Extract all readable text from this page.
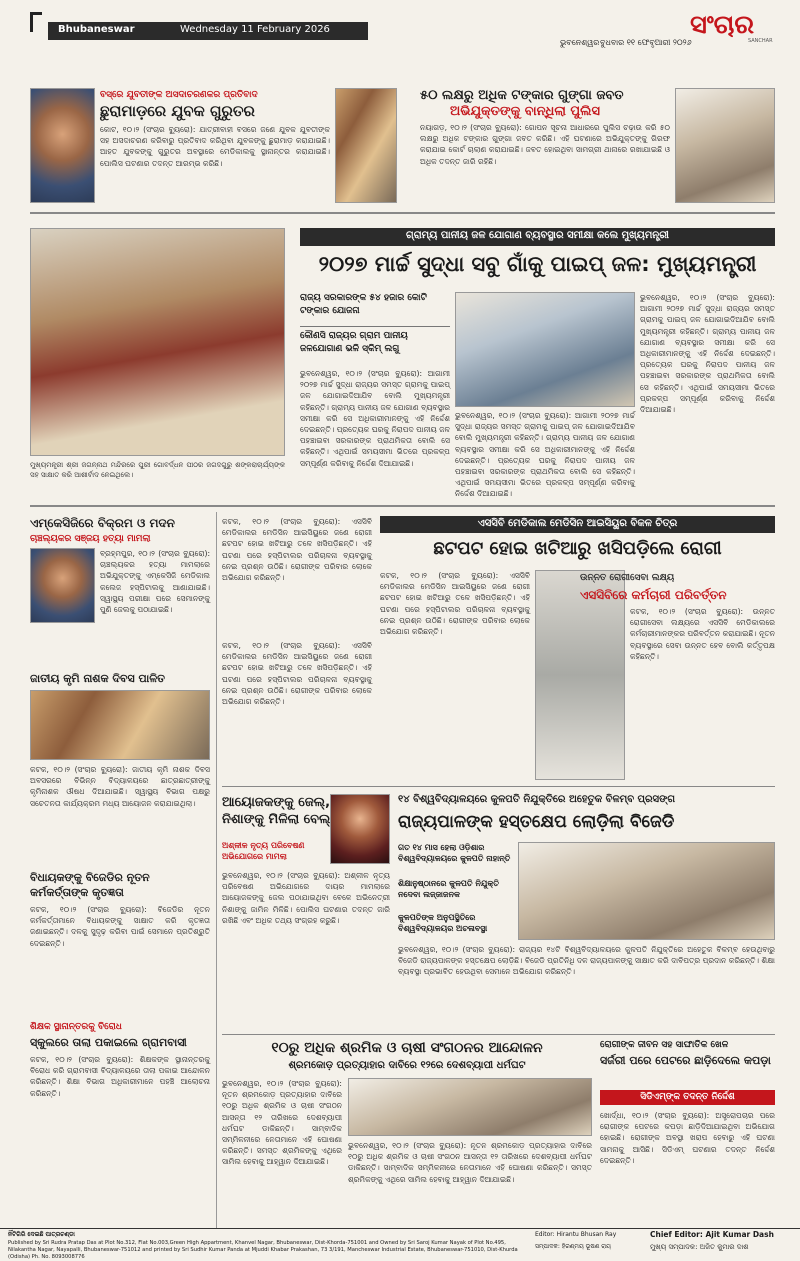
Bhubaneswar	Wednesday 11 February 2026
ଭୁବନେଶ୍ୱର ବୁଧବାର ୧୧ ଫେବୃଆରୀ ୨୦୨୬
ସଂଚାର
SANCHAR
ବସ୍‌ରେ ଯୁବତୀଙ୍କ ଅସଦାଚରଣକର ପ୍ରତିବାଦ
ଛୁରାମାଡ଼ରେ ଯୁବକ ଗୁରୁତର
କୋଟ, ୧୦।୨ (ସଂଚାର ବ୍ୟୁରୋ): ଯାତ୍ରୀବାହୀ ବସରେ ଜଣେ ଯୁବକ ଯୁବତୀଙ୍କ ସହ ଅସଦାଚରଣ କରିବାରୁ ପ୍ରତିବାଦ କରିଥିବା ଯୁବକଙ୍କୁ ଛୁରାମାଡ଼ କରାଯାଇଛି। ଆହତ ଯୁବକଙ୍କୁ ଗୁରୁତର ଅବସ୍ଥାରେ ମେଡିକାଲକୁ ସ୍ଥାନାନ୍ତର କରାଯାଇଛି। ପୋଲିସ ଘଟଣାର ତଦନ୍ତ ଆରମ୍ଭ କରିଛି।
୫୦ ଲକ୍ଷରୁ ଅଧିକ ଟଙ୍କାର ଗୁଙ୍ଗା ଜବତ
ଅଭିଯୁକ୍ତଙ୍କୁ ବାନ୍ଧିଲା ପୁଲିସ
ନୟାଗଡ଼, ୧୦।୨ (ସଂଚାର ବ୍ୟୁରୋ): ଗୋପନ ସୂଚନା ଆଧାରରେ ପୁଲିସ ଚଢ଼ାଉ କରି ୫୦ ଲକ୍ଷରୁ ଅଧିକ ଟଙ୍କାର ଗୁଙ୍ଗା ଜବତ କରିଛି। ଏହି ଘଟଣାରେ ଅଭିଯୁକ୍ତଙ୍କୁ ଗିରଫ କରାଯାଇ କୋର୍ଟ ଚାଲାଣ କରାଯାଇଛି। ଜବତ ହୋଇଥିବା ସାମଗ୍ରୀ ଥାନାରେ ରଖାଯାଇଛି ଓ ଅଧିକ ତଦନ୍ତ ଜାରି ରହିଛି।
ମୁଖ୍ୟମନ୍ତ୍ରୀ ଶ୍ରୀ ଜଗନ୍ନାଥ ମନ୍ଦିରରେ ପୁରୀ ଗୋବର୍ଦ୍ଧନ ପୀଠର ଜଗଦଗୁରୁ ଶଙ୍କରାଚାର୍ଯ୍ୟଙ୍କ ସହ ସାକ୍ଷାତ କରି ଆଶୀର୍ବାଦ ନେଇଥିଲେ।
ଗ୍ରାମ୍ୟ ପାନୀୟ ଜଳ ଯୋଗାଣ ବ୍ୟବସ୍ଥାର ସମୀକ୍ଷା କଲେ ମୁଖ୍ୟମନ୍ତ୍ରୀ
୨୦୨୭ ମାର୍ଚ୍ଚ ସୁଦ୍ଧା ସବୁ ଗାଁକୁ ପାଇପ୍ ଜଳ: ମୁଖ୍ୟମନ୍ତ୍ରୀ
ରାଜ୍ୟ ସରକାରଙ୍କ ୫୪ ହଜାର କୋଟି ଟଙ୍କାର ଯୋଜନା
କୌଣସି ରାଜ୍ୟର ଗ୍ରାମ ପାନୀୟ ଜଳଯୋଗାଣ ଭଳି ସ୍କିମ୍ ଲଗୁ
ଭୁବନେଶ୍ୱର, ୧୦।୨ (ସଂଚାର ବ୍ୟୁରୋ): ଆଗାମୀ ୨୦୨୭ ମାର୍ଚ୍ଚ ସୁଦ୍ଧା ରାଜ୍ୟର ସମସ୍ତ ଗ୍ରାମକୁ ପାଇପ୍ ଜଳ ଯୋଗାଇଦିଆଯିବ ବୋଲି ମୁଖ୍ୟମନ୍ତ୍ରୀ କହିଛନ୍ତି। ଗ୍ରାମ୍ୟ ପାନୀୟ ଜଳ ଯୋଗାଣ ବ୍ୟବସ୍ଥାର ସମୀକ୍ଷା କରି ସେ ଅଧିକାରୀମାନଙ୍କୁ ଏହି ନିର୍ଦ୍ଦେଶ ଦେଇଛନ୍ତି। ପ୍ରତ୍ୟେକ ଘରକୁ ନିରାପଦ ପାନୀୟ ଜଳ ପହଞ୍ଚାଇବା ସରକାରଙ୍କ ପ୍ରାଥମିକତା ବୋଲି ସେ କହିଛନ୍ତି। ଏଥିପାଇଁ ସମୟସୀମା ଭିତରେ ପ୍ରକଳ୍ପ ସମ୍ପୂର୍ଣ୍ଣ କରିବାକୁ ନିର୍ଦ୍ଦେଶ ଦିଆଯାଇଛି।
ଭୁବନେଶ୍ୱର, ୧୦।୨ (ସଂଚାର ବ୍ୟୁରୋ): ଆଗାମୀ ୨୦୨୭ ମାର୍ଚ୍ଚ ସୁଦ୍ଧା ରାଜ୍ୟର ସମସ୍ତ ଗ୍ରାମକୁ ପାଇପ୍ ଜଳ ଯୋଗାଇଦିଆଯିବ ବୋଲି ମୁଖ୍ୟମନ୍ତ୍ରୀ କହିଛନ୍ତି। ଗ୍ରାମ୍ୟ ପାନୀୟ ଜଳ ଯୋଗାଣ ବ୍ୟବସ୍ଥାର ସମୀକ୍ଷା କରି ସେ ଅଧିକାରୀମାନଙ୍କୁ ଏହି ନିର୍ଦ୍ଦେଶ ଦେଇଛନ୍ତି। ପ୍ରତ୍ୟେକ ଘରକୁ ନିରାପଦ ପାନୀୟ ଜଳ ପହଞ୍ଚାଇବା ସରକାରଙ୍କ ପ୍ରାଥମିକତା ବୋଲି ସେ କହିଛନ୍ତି। ଏଥିପାଇଁ ସମୟସୀମା ଭିତରେ ପ୍ରକଳ୍ପ ସମ୍ପୂର୍ଣ୍ଣ କରିବାକୁ ନିର୍ଦ୍ଦେଶ ଦିଆଯାଇଛି।
ଭୁବନେଶ୍ୱର, ୧୦।୨ (ସଂଚାର ବ୍ୟୁରୋ): ଆଗାମୀ ୨୦୨୭ ମାର୍ଚ୍ଚ ସୁଦ୍ଧା ରାଜ୍ୟର ସମସ୍ତ ଗ୍ରାମକୁ ପାଇପ୍ ଜଳ ଯୋଗାଇଦିଆଯିବ ବୋଲି ମୁଖ୍ୟମନ୍ତ୍ରୀ କହିଛନ୍ତି। ଗ୍ରାମ୍ୟ ପାନୀୟ ଜଳ ଯୋଗାଣ ବ୍ୟବସ୍ଥାର ସମୀକ୍ଷା କରି ସେ ଅଧିକାରୀମାନଙ୍କୁ ଏହି ନିର୍ଦ୍ଦେଶ ଦେଇଛନ୍ତି। ପ୍ରତ୍ୟେକ ଘରକୁ ନିରାପଦ ପାନୀୟ ଜଳ ପହଞ୍ଚାଇବା ସରକାରଙ୍କ ପ୍ରାଥମିକତା ବୋଲି ସେ କହିଛନ୍ତି। ଏଥିପାଇଁ ସମୟସୀମା ଭିତରେ ପ୍ରକଳ୍ପ ସମ୍ପୂର୍ଣ୍ଣ କରିବାକୁ ନିର୍ଦ୍ଦେଶ ଦିଆଯାଇଛି।
ଏମ୍‌କେସିଜିରେ ବିକ୍ରମ ଓ ମଦନ
ଚାଞ୍ଚଲ୍ୟକର ସଞ୍ଜୟ ହତ୍ୟା ମାମଲା
ବ୍ରହ୍ମପୁର, ୧୦।୨ (ସଂଚାର ବ୍ୟୁରୋ): ଚାଞ୍ଚଲ୍ୟକର ହତ୍ୟା ମାମଲାରେ ଅଭିଯୁକ୍ତଙ୍କୁ ଏମ୍‌କେସିଜି ମେଡିକାଲ କଲେଜ ହସ୍ପିଟାଲକୁ ଆଣାଯାଇଛି। ସ୍ୱାସ୍ଥ୍ୟ ପରୀକ୍ଷା ପରେ ସେମାନଙ୍କୁ ପୁଣି ଜେଲକୁ ପଠାଯାଇଛି।
ଜାତୀୟ କୃମି ନାଶକ ଦିବସ ପାଳିତ
କଟକ, ୧୦।୨ (ସଂଚାର ବ୍ୟୁରୋ): ଜାତୀୟ କୃମି ନାଶକ ଦିବସ ଅବସରରେ ବିଭିନ୍ନ ବିଦ୍ୟାଳୟରେ ଛାତ୍ରଛାତ୍ରୀଙ୍କୁ କୃମିନାଶକ ଔଷଧ ଦିଆଯାଇଛି। ସ୍ୱାସ୍ଥ୍ୟ ବିଭାଗ ପକ୍ଷରୁ ସଚେତନତା କାର୍ଯ୍ୟକ୍ରମ ମଧ୍ୟ ଆୟୋଜନ କରାଯାଇଥିଲା।
ବିଧାୟକଙ୍କୁ ବିଜେଡିର ନୂତନ କର୍ମକର୍ତ୍ତାଙ୍କ କୃତଜ୍ଞତା
କଟକ, ୧୦।୨ (ସଂଚାର ବ୍ୟୁରୋ): ବିଜେଡିର ନୂତନ କର୍ମକର୍ତ୍ତାମାନେ ବିଧାୟକଙ୍କୁ ସାକ୍ଷାତ କରି କୃତଜ୍ଞତା ଜଣାଇଛନ୍ତି। ଦଳକୁ ସୁଦୃଢ଼ କରିବା ପାଇଁ ସେମାନେ ପ୍ରତିଶ୍ରୁତି ଦେଇଛନ୍ତି।
ଶିକ୍ଷକ ସ୍ଥାନାନ୍ତରକୁ ବିରୋଧ
ସ୍କୁଲରେ ତାଲା ପକାଇଲେ ଗ୍ରାମବାସୀ
କଟକ, ୧୦।୨ (ସଂଚାର ବ୍ୟୁରୋ): ଶିକ୍ଷକଙ୍କ ସ୍ଥାନାନ୍ତରକୁ ବିରୋଧ କରି ଗ୍ରାମବାସୀ ବିଦ୍ୟାଳୟରେ ତାଲା ପକାଇ ଆନ୍ଦୋଳନ କରିଛନ୍ତି। ଶିକ୍ଷା ବିଭାଗ ଅଧିକାରୀମାନେ ପହଞ୍ଚି ଆଲୋଚନା କରିଛନ୍ତି।
ଏସସିବି ମେଡିକାଲ ମେଡିସିନ ଆଇସିୟୁର ବିକଳ ଚିତ୍ର
ଛଟପଟ ହୋଇ ଖଟିଆରୁ ଖସିପଡ଼ିଲେ ରୋଗୀ
କଟକ, ୧୦।୨ (ସଂଚାର ବ୍ୟୁରୋ): ଏସସିବି ମେଡିକାଲର ମେଡିସିନ ଆଇସିୟୁରେ ଜଣେ ରୋଗୀ ଛଟପଟ ହୋଇ ଖଟିଆରୁ ତଳେ ଖସିପଡ଼ିଛନ୍ତି। ଏହି ଘଟଣା ପରେ ହସ୍ପିଟାଲର ପରିଚାଳନା ବ୍ୟବସ୍ଥାକୁ ନେଇ ପ୍ରଶ୍ନ ଉଠିଛି। ରୋଗୀଙ୍କ ପରିବାର ଲୋକେ ଅଭିଯୋଗ କରିଛନ୍ତି।
କଟକ, ୧୦।୨ (ସଂଚାର ବ୍ୟୁରୋ): ଏସସିବି ମେଡିକାଲର ମେଡିସିନ ଆଇସିୟୁରେ ଜଣେ ରୋଗୀ ଛଟପଟ ହୋଇ ଖଟିଆରୁ ତଳେ ଖସିପଡ଼ିଛନ୍ତି। ଏହି ଘଟଣା ପରେ ହସ୍ପିଟାଲର ପରିଚାଳନା ବ୍ୟବସ୍ଥାକୁ ନେଇ ପ୍ରଶ୍ନ ଉଠିଛି। ରୋଗୀଙ୍କ ପରିବାର ଲୋକେ ଅଭିଯୋଗ କରିଛନ୍ତି।
କଟକ, ୧୦।୨ (ସଂଚାର ବ୍ୟୁରୋ): ଏସସିବି ମେଡିକାଲର ମେଡିସିନ ଆଇସିୟୁରେ ଜଣେ ରୋଗୀ ଛଟପଟ ହୋଇ ଖଟିଆରୁ ତଳେ ଖସିପଡ଼ିଛନ୍ତି। ଏହି ଘଟଣା ପରେ ହସ୍ପିଟାଲର ପରିଚାଳନା ବ୍ୟବସ୍ଥାକୁ ନେଇ ପ୍ରଶ୍ନ ଉଠିଛି। ରୋଗୀଙ୍କ ପରିବାର ଲୋକେ ଅଭିଯୋଗ କରିଛନ୍ତି।
ଉନ୍ନତ ରୋଗୀସେବା ଲକ୍ଷ୍ୟ
ଏସସିବିରେ କର୍ମଚାରୀ ପରିବର୍ତ୍ତନ
କଟକ, ୧୦।୨ (ସଂଚାର ବ୍ୟୁରୋ): ଉନ୍ନତ ରୋଗୀସେବା ଲକ୍ଷ୍ୟରେ ଏସସିବି ମେଡିକାଲରେ କର୍ମଚାରୀମାନଙ୍କର ପରିବର୍ତ୍ତନ କରାଯାଇଛି। ନୂତନ ବ୍ୟବସ୍ଥାରେ ସେବା ଉନ୍ନତ ହେବ ବୋଲି କର୍ତ୍ତୃପକ୍ଷ କହିଛନ୍ତି।
ଆୟୋଜକଙ୍କୁ ଜେଲ୍, ନିଶାଙ୍କୁ ମିଳିଲା ବେଲ୍
ଅଶ୍ଳୀଳ ନୃତ୍ୟ ପରିବେଷଣ ଅଭିଯୋଗରେ ମାମଲା
ଭୁବନେଶ୍ୱର, ୧୦।୨ (ସଂଚାର ବ୍ୟୁରୋ): ଅଶ୍ଳୀଳ ନୃତ୍ୟ ପରିବେଷଣ ଅଭିଯୋଗରେ ଦାୟର ମାମଲାରେ ଆୟୋଜକଙ୍କୁ ଜେଲ ପଠାଯାଇଥିବା ବେଳେ ଅଭିନେତ୍ରୀ ନିଶାଙ୍କୁ ଜାମିନ ମିଳିଛି। ପୋଲିସ ଘଟଣାର ତଦନ୍ତ ଜାରି ରଖିଛି ଏବଂ ଅଧିକ ତଥ୍ୟ ସଂଗ୍ରହ କରୁଛି।
୧୪ ବିଶ୍ୱବିଦ୍ୟାଳୟରେ କୁଳପତି ନିଯୁକ୍ତିରେ ଅହେତୁକ ବିଳମ୍ବ ପ୍ରସଙ୍ଗ
ରାଜ୍ୟପାଳଙ୍କ ହସ୍ତକ୍ଷେପ ଲୋଡ଼ିଲା ବିଜେଡି
ଗତ ୧୪ ମାସ ହେଲା ଓଡ଼ିଶାର ବିଶ୍ୱବିଦ୍ୟାଳୟରେ କୁଳପତି ନାହାନ୍ତି
ଶିକ୍ଷାନୁଷ୍ଠାନରେ କୁଳପତି ନିଯୁକ୍ତି ନଦେବା ଲଜ୍ଜାଜନକ
କୁଳପତିଙ୍କ ଅନୁପସ୍ଥିତିରେ ବିଶ୍ୱବିଦ୍ୟାଳୟର ଅଚଳାବସ୍ଥା
ଭୁବନେଶ୍ୱର, ୧୦।୨ (ସଂଚାର ବ୍ୟୁରୋ): ରାଜ୍ୟର ୧୪ଟି ବିଶ୍ୱବିଦ୍ୟାଳୟରେ କୁଳପତି ନିଯୁକ୍ତିରେ ଅହେତୁକ ବିଳମ୍ବ ହେଉଥିବାରୁ ବିଜେଡି ରାଜ୍ୟପାଳଙ୍କ ହସ୍ତକ୍ଷେପ ଲୋଡ଼ିଛି। ବିଜେଡି ପ୍ରତିନିଧି ଦଳ ରାଜ୍ୟପାଳଙ୍କୁ ସାକ୍ଷାତ କରି ଦାବିପତ୍ର ପ୍ରଦାନ କରିଛନ୍ତି। ଶିକ୍ଷା ବ୍ୟବସ୍ଥା ପ୍ରଭାବିତ ହେଉଥିବା ସେମାନେ ଅଭିଯୋଗ କରିଛନ୍ତି।
୧୦ରୁ ଅଧିକ ଶ୍ରମିକ ଓ ଚାଷୀ ସଂଗଠନର ଆନ୍ଦୋଳନ
ଶ୍ରମକୋଡ଼ ପ୍ରତ୍ୟାହାର ଦାବିରେ ୧୨ରେ ଦେଶବ୍ୟାପୀ ଧର୍ମଘଟ
ଭୁବନେଶ୍ୱର, ୧୦।୨ (ସଂଚାର ବ୍ୟୁରୋ): ନୂତନ ଶ୍ରମକୋଡ଼ ପ୍ରତ୍ୟାହାର ଦାବିରେ ୧୦ରୁ ଅଧିକ ଶ୍ରମିକ ଓ ଚାଷୀ ସଂଗଠନ ଆସନ୍ତା ୧୨ ତାରିଖରେ ଦେଶବ୍ୟାପୀ ଧର୍ମଘଟ ଡାକିଛନ୍ତି। ସାମ୍ବାଦିକ ସମ୍ମିଳନୀରେ ନେତାମାନେ ଏହି ଘୋଷଣା କରିଛନ୍ତି। ସମସ୍ତ ଶ୍ରମିକଙ୍କୁ ଏଥିରେ ସାମିଲ ହେବାକୁ ଆହ୍ୱାନ ଦିଆଯାଇଛି।
ଭୁବନେଶ୍ୱର, ୧୦।୨ (ସଂଚାର ବ୍ୟୁରୋ): ନୂତନ ଶ୍ରମକୋଡ଼ ପ୍ରତ୍ୟାହାର ଦାବିରେ ୧୦ରୁ ଅଧିକ ଶ୍ରମିକ ଓ ଚାଷୀ ସଂଗଠନ ଆସନ୍ତା ୧୨ ତାରିଖରେ ଦେଶବ୍ୟାପୀ ଧର୍ମଘଟ ଡାକିଛନ୍ତି। ସାମ୍ବାଦିକ ସମ୍ମିଳନୀରେ ନେତାମାନେ ଏହି ଘୋଷଣା କରିଛନ୍ତି। ସମସ୍ତ ଶ୍ରମିକଙ୍କୁ ଏଥିରେ ସାମିଲ ହେବାକୁ ଆହ୍ୱାନ ଦିଆଯାଇଛି।
ରୋଗୀଙ୍କ ଜୀବନ ସହ ସାଙ୍ଘାତିକ ଖେଳ
ସର୍ଜରୀ ପରେ ପେଟରେ ଛାଡ଼ିଦେଲେ କପଡ଼ା
ସିଡିଏମ୍‌ଙ୍କ ତଦନ୍ତ ନିର୍ଦ୍ଦେଶ
ଖୋର୍ଦ୍ଧା, ୧୦।୨ (ସଂଚାର ବ୍ୟୁରୋ): ଅସ୍ତ୍ରୋପଚାର ପରେ ରୋଗୀଙ୍କ ପେଟରେ କପଡ଼ା ଛାଡ଼ିଦିଆଯାଇଥିବା ଅଭିଯୋଗ ହୋଇଛି। ରୋଗୀଙ୍କ ଅବସ୍ଥା ଖରାପ ହେବାରୁ ଏହି ଘଟଣା ସାମନାକୁ ଆସିଛି। ସିଡିଏମ୍ ଘଟଣାର ତଦନ୍ତ ନିର୍ଦ୍ଦେଶ ଦେଇଛନ୍ତି।
ନିଁଟିଗିରି ଦେଇଛି ପାତ୍ରଚଣ୍ଡା
Published by Sri Rudra Pratap Das at Plot No.312, Flat No.003,Green High Appartment, Khanvel Nagar, Bhubaneswar, Dist-Khorda-751001 and Owned by Sri Saroj Kumar Nayak of Plot No.495, Nilakantha Nagar, Nayapalli, Bhubaneswar-751012 and printed by Sri Sudhir Kumar Panda at Mjuddi Khabar Prakashan, 73 3/191, Mancheswar Industrial Estate, Bhubaneswar-751010, Dist-Khurda (Odisha) Ph. No. 8093008776
Editor: Hirantu Bhusan Ray
ସମ୍ପାଦକ: ହିରଣ୍ମୟ ଭୂଷଣ ରାୟ
Chief Editor: Ajit Kumar Dash
ମୁଖ୍ୟ ସମ୍ପାଦକ: ଅଜିତ କୁମାର ଦାଶ
